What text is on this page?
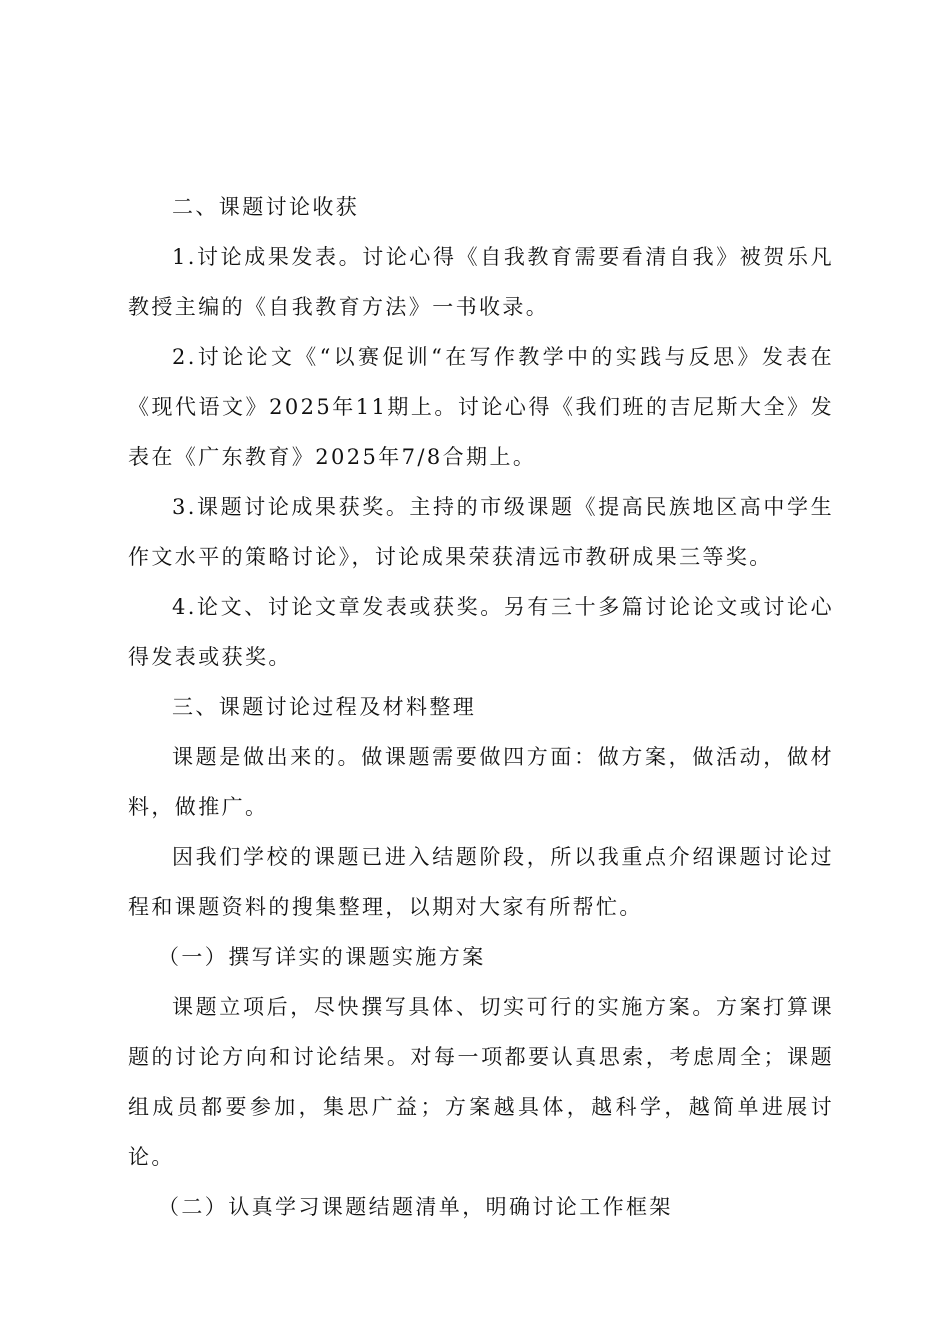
二、课题讨论收获

1.讨论成果发表。讨论心得《自我教育需要看清自我》被贺乐凡教授主编的《自我教育方法》一书收录。

2.讨论论文《“以赛促训“在写作教学中的实践与反思》发表在《现代语文》2025年11期上。讨论心得《我们班的吉尼斯大全》发表在《广东教育》2025年7/8合期上。

3.课题讨论成果获奖。主持的市级课题《提高民族地区高中学生作文水平的策略讨论》，讨论成果荣获清远市教研成果三等奖。

4.论文、讨论文章发表或获奖。另有三十多篇讨论论文或讨论心得发表或获奖。

三、课题讨论过程及材料整理

课题是做出来的。做课题需要做四方面：做方案，做活动，做材料，做推广。

因我们学校的课题已进入结题阶段，所以我重点介绍课题讨论过程和课题资料的搜集整理，以期对大家有所帮忙。

（一）撰写详实的课题实施方案

课题立项后，尽快撰写具体、切实可行的实施方案。方案打算课题的讨论方向和讨论结果。对每一项都要认真思索，考虑周全；课题组成员都要参加，集思广益；方案越具体，越科学，越简单进展讨论。

（二）认真学习课题结题清单，明确讨论工作框架
